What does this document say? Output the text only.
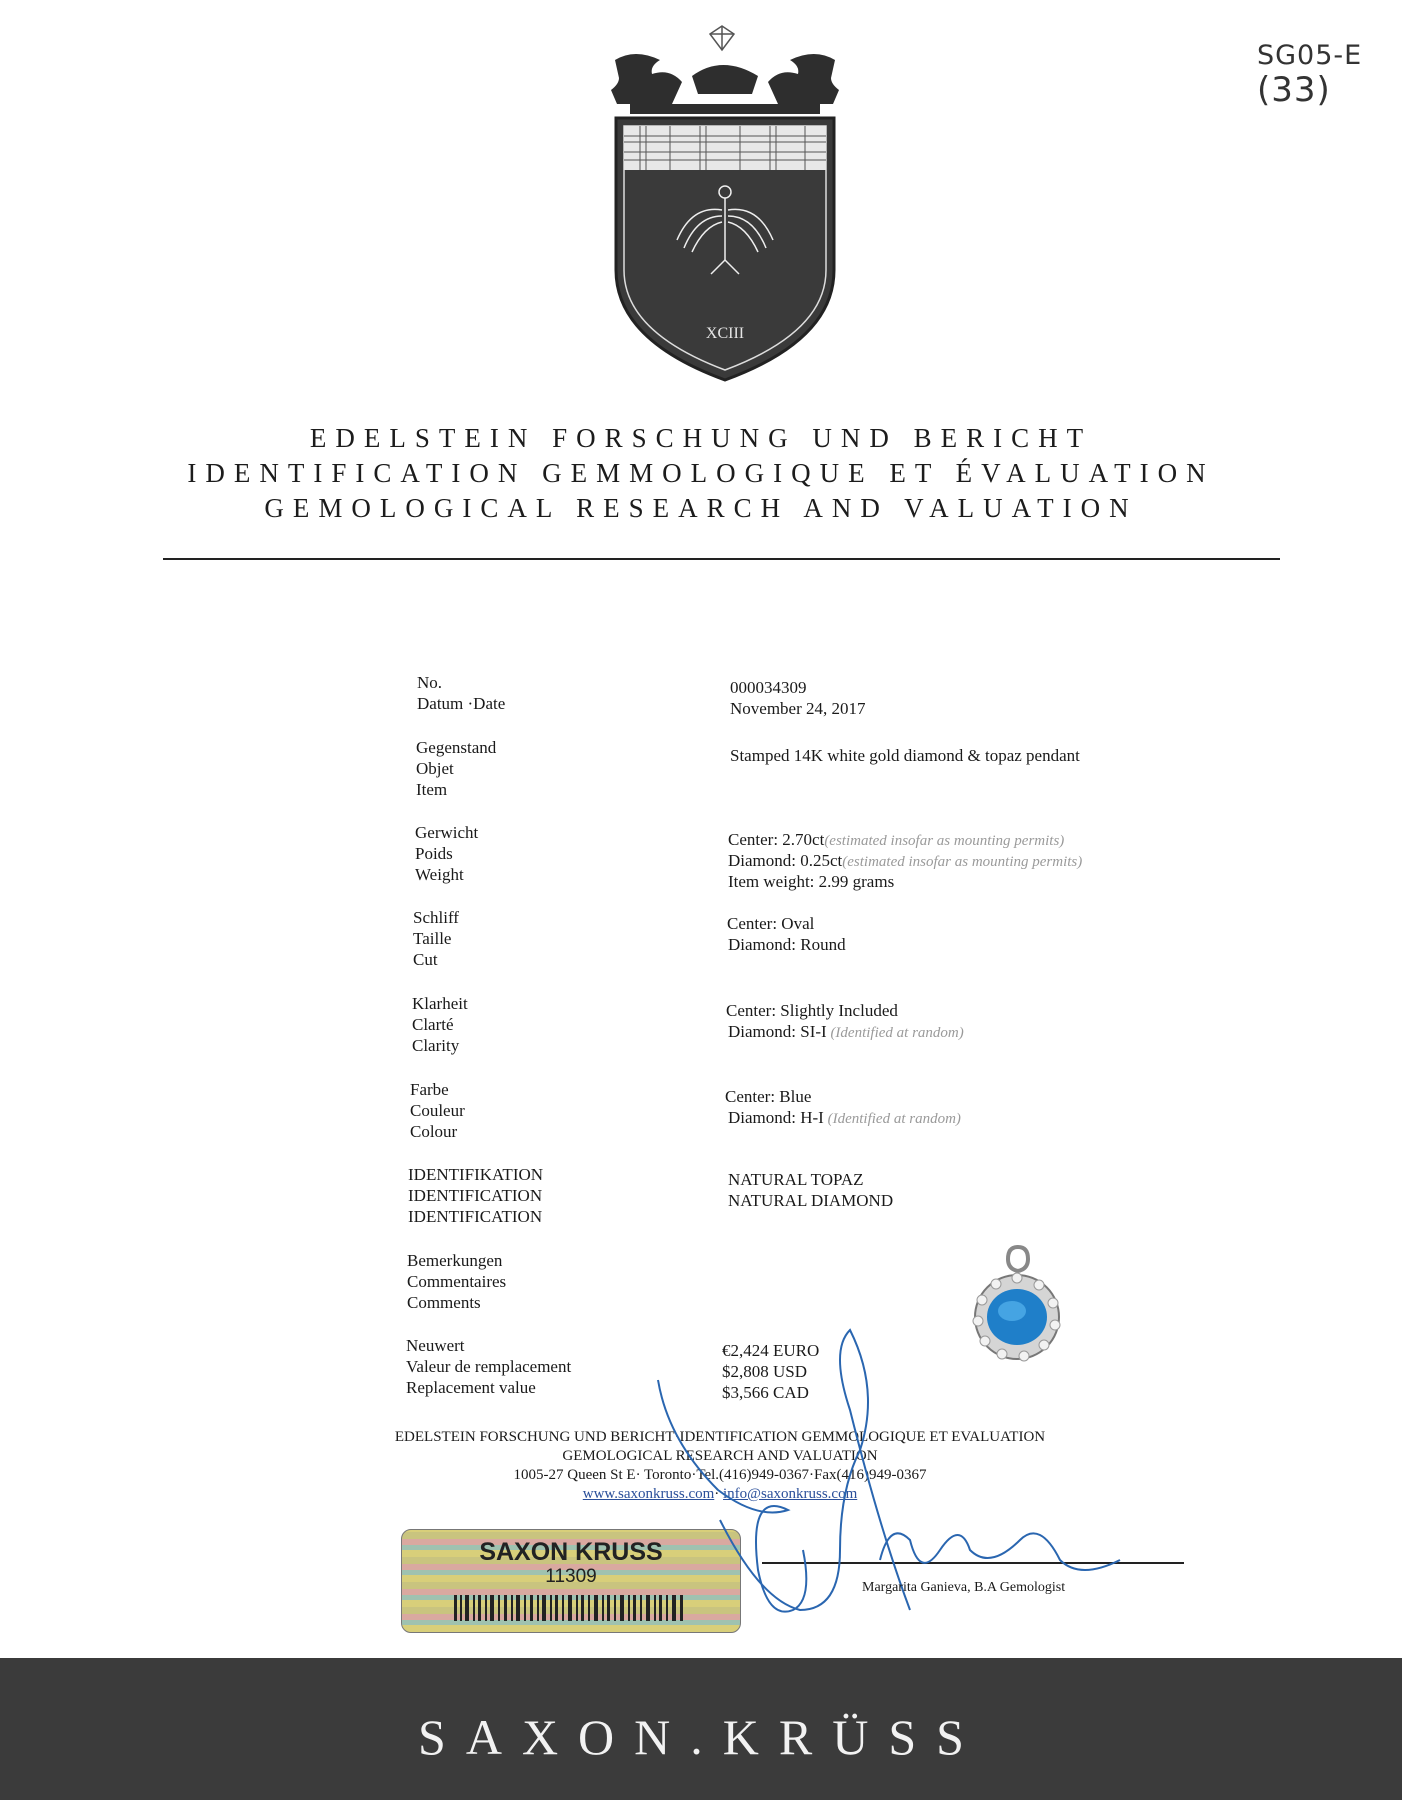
SG05-E
(33)
XCIII
EDELSTEIN FORSCHUNG UND BERICHT
IDENTIFICATION GEMMOLOGIQUE ET ÉVALUATION
GEMOLOGICAL RESEARCH AND VALUATION
No.
Datum ·Date
000034309
November 24, 2017
Gegenstand
Objet
Item
Stamped 14K white gold diamond & topaz pendant
Gerwicht
Poids
Weight
Center: 2.70ct(estimated insofar as mounting permits)
Diamond: 0.25ct(estimated insofar as mounting permits)
Item weight: 2.99 grams
Schliff
Taille
Cut
Center: Oval
Diamond: Round
Klarheit
Clarté
Clarity
Center: Slightly Included
Diamond: SI-I (Identified at random)
Farbe
Couleur
Colour
Center: Blue
Diamond: H-I (Identified at random)
IDENTIFIKATION
IDENTIFICATION
IDENTIFICATION
NATURAL TOPAZ
NATURAL DIAMOND
Bemerkungen
Commentaires
Comments
Neuwert
Valeur de remplacement
Replacement value
€2,424 EURO
$2,808 USD
$3,566 CAD
EDELSTEIN FORSCHUNG UND BERICHT·IDENTIFICATION GEMMOLOGIQUE ET EVALUATION
GEMOLOGICAL RESEARCH AND VALUATION
1005-27 Queen St E· Toronto·Tel.(416)949-0367·Fax(416)949-0367
www.saxonkruss.com· info@saxonkruss.com
SAXON KRUSS
11309
Margarita Ganieva, B.A Gemologist
SAXON.KRÜSS
